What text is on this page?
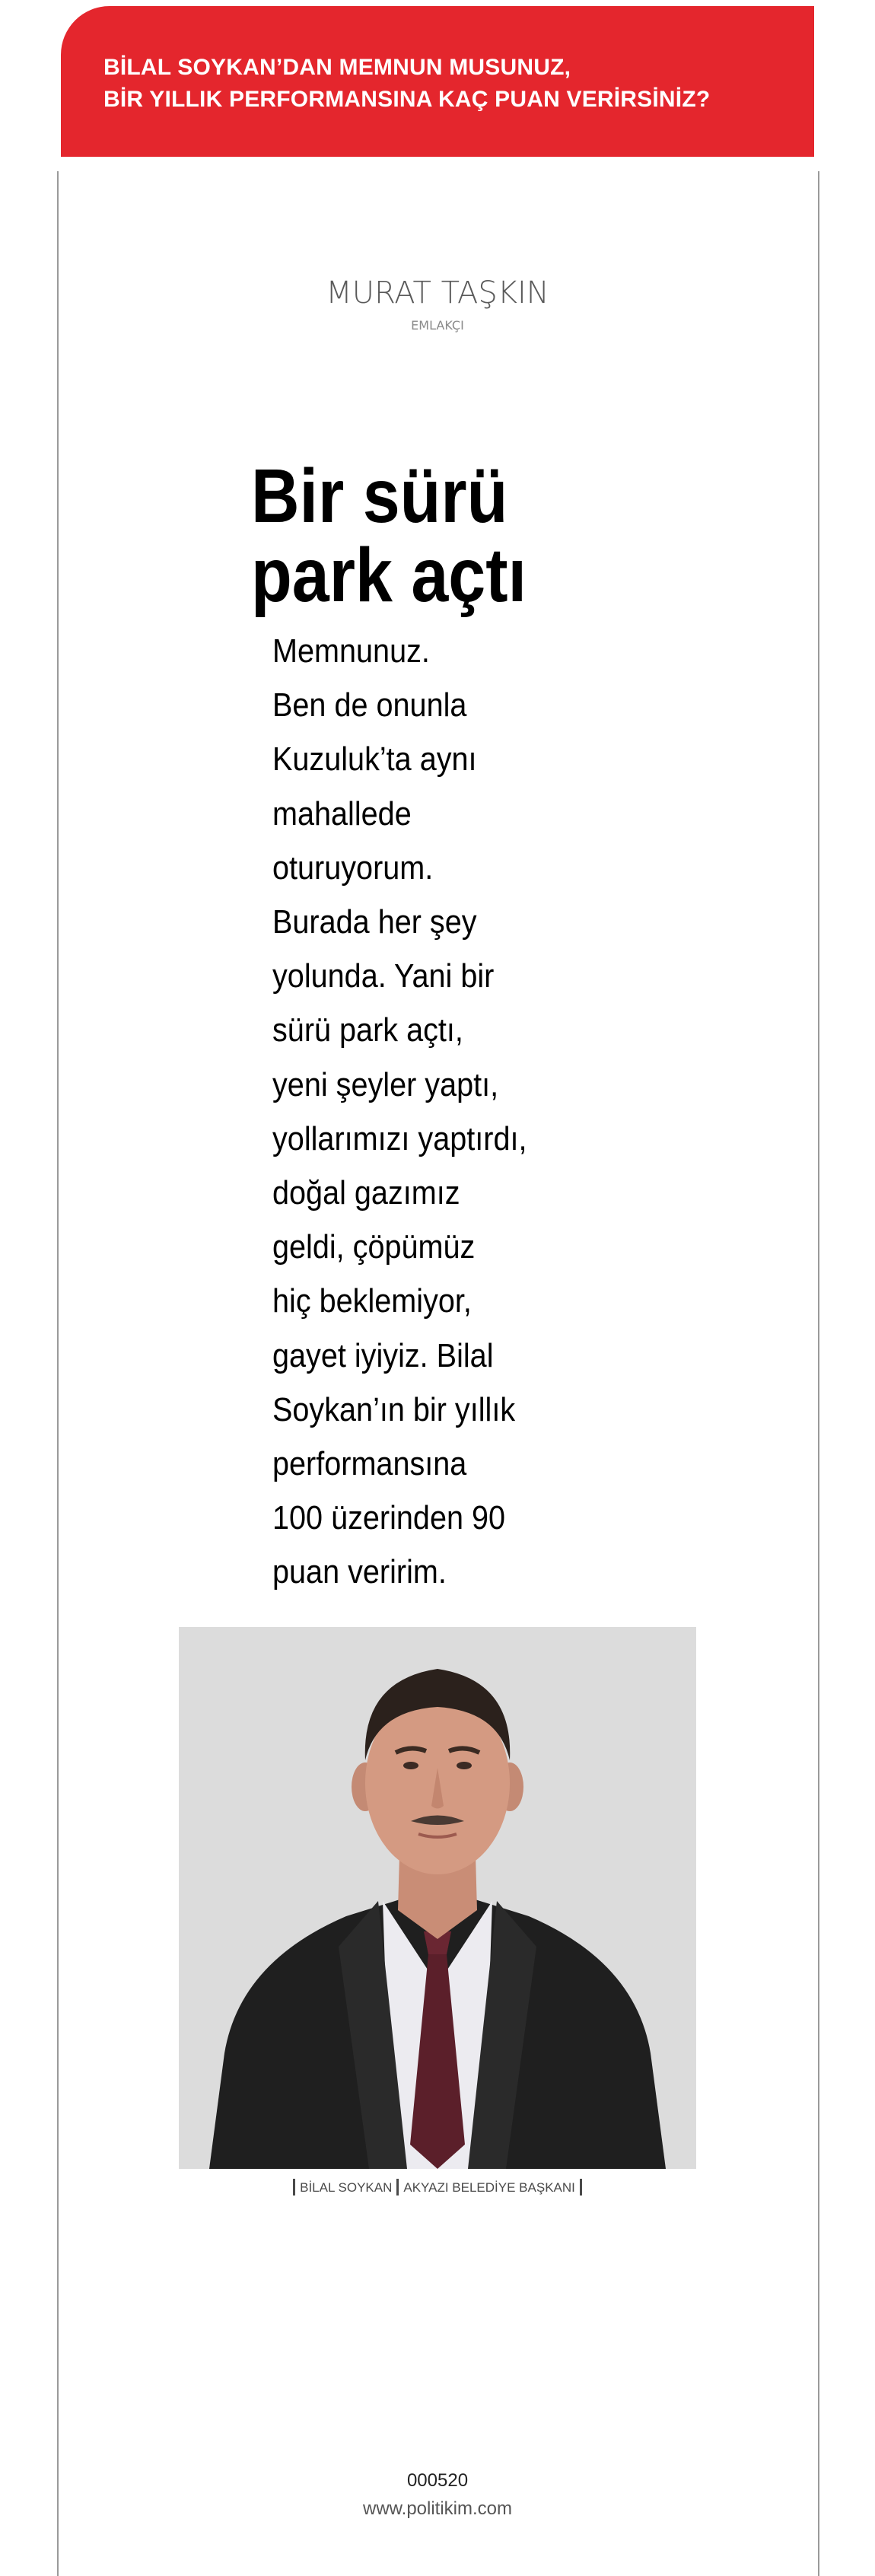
BİLAL SOYKAN’DAN MEMNUN MUSUNUZ,
BİR YILLIK PERFORMANSINA KAÇ PUAN VERİRSİNİZ?
MURAT TAŞKIN
EMLAKÇI
Bir sürü
park açtı
Memnunuz.
Ben de onunla
Kuzuluk’ta aynı
mahallede
oturuyorum.
Burada her şey
yolunda. Yani bir
sürü park açtı,
yeni şeyler yaptı,
yollarımızı yaptırdı,
doğal gazımız
geldi, çöpümüz
hiç beklemiyor,
gayet iyiyiz. Bilal
Soykan’ın bir yıllık
performansına
100 üzerinden 90
puan veririm.
BİLAL SOYKAN AKYAZI BELEDİYE BAŞKANI
000520
www.politikim.com
